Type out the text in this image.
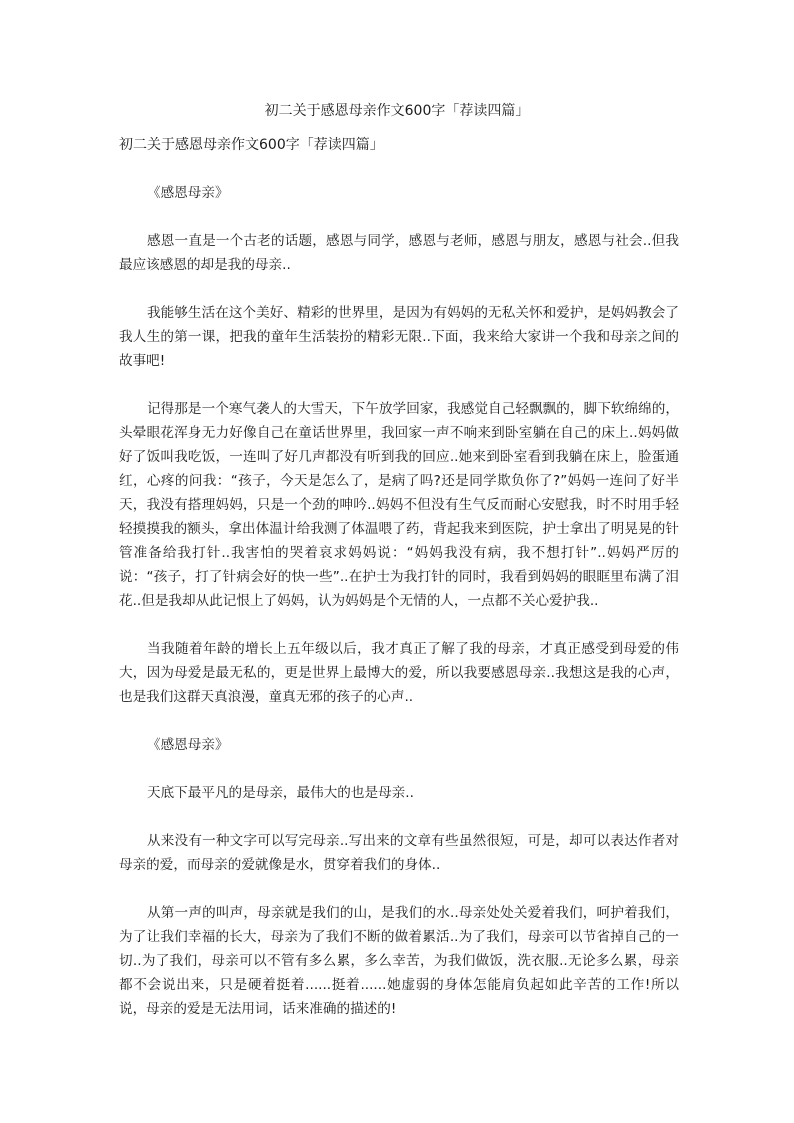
初二关于感恩母亲作文600字「荐读四篇」
初二关于感恩母亲作文600字「荐读四篇」

《感恩母亲》

感恩一直是一个古老的话题，感恩与同学，感恩与老师，感恩与朋友，感恩与社会..但我最应该感恩的却是我的母亲..

我能够生活在这个美好、精彩的世界里，是因为有妈妈的无私关怀和爱护，是妈妈教会了我人生的第一课，把我的童年生活装扮的精彩无限..下面，我来给大家讲一个我和母亲之间的故事吧!

记得那是一个寒气袭人的大雪天，下午放学回家，我感觉自己轻飘飘的，脚下软绵绵的，头晕眼花浑身无力好像自己在童话世界里，我回家一声不响来到卧室躺在自己的床上..妈妈做好了饭叫我吃饭，一连叫了好几声都没有听到我的回应..她来到卧室看到我躺在床上，脸蛋通红，心疼的问我：“孩子，今天是怎么了，是病了吗?还是同学欺负你了?”妈妈一连问了好半天，我没有搭理妈妈，只是一个劲的呻吟..妈妈不但没有生气反而耐心安慰我，时不时用手轻轻摸摸我的额头，拿出体温计给我测了体温喂了药，背起我来到医院，护士拿出了明晃晃的针管准备给我打针..我害怕的哭着哀求妈妈说：“妈妈我没有病，我不想打针”..妈妈严厉的说：“孩子，打了针病会好的快一些”..在护士为我打针的同时，我看到妈妈的眼眶里布满了泪花..但是我却从此记恨上了妈妈，认为妈妈是个无情的人，一点都不关心爱护我..

当我随着年龄的增长上五年级以后，我才真正了解了我的母亲，才真正感受到母爱的伟大，因为母爱是最无私的，更是世界上最博大的爱，所以我要感恩母亲..我想这是我的心声，也是我们这群天真浪漫，童真无邪的孩子的心声..

《感恩母亲》

天底下最平凡的是母亲，最伟大的也是母亲..

从来没有一种文字可以写完母亲..写出来的文章有些虽然很短，可是，却可以表达作者对母亲的爱，而母亲的爱就像是水，贯穿着我们的身体..

从第一声的叫声，母亲就是我们的山，是我们的水..母亲处处关爱着我们，呵护着我们，为了让我们幸福的长大，母亲为了我们不断的做着累活..为了我们，母亲可以节省掉自己的一切..为了我们，母亲可以不管有多么累，多么幸苦，为我们做饭，洗衣服..无论多么累，母亲都不会说出来，只是硬着挺着......挺着......她虚弱的身体怎能肩负起如此辛苦的工作!所以说，母亲的爱是无法用词，话来准确的描述的!
